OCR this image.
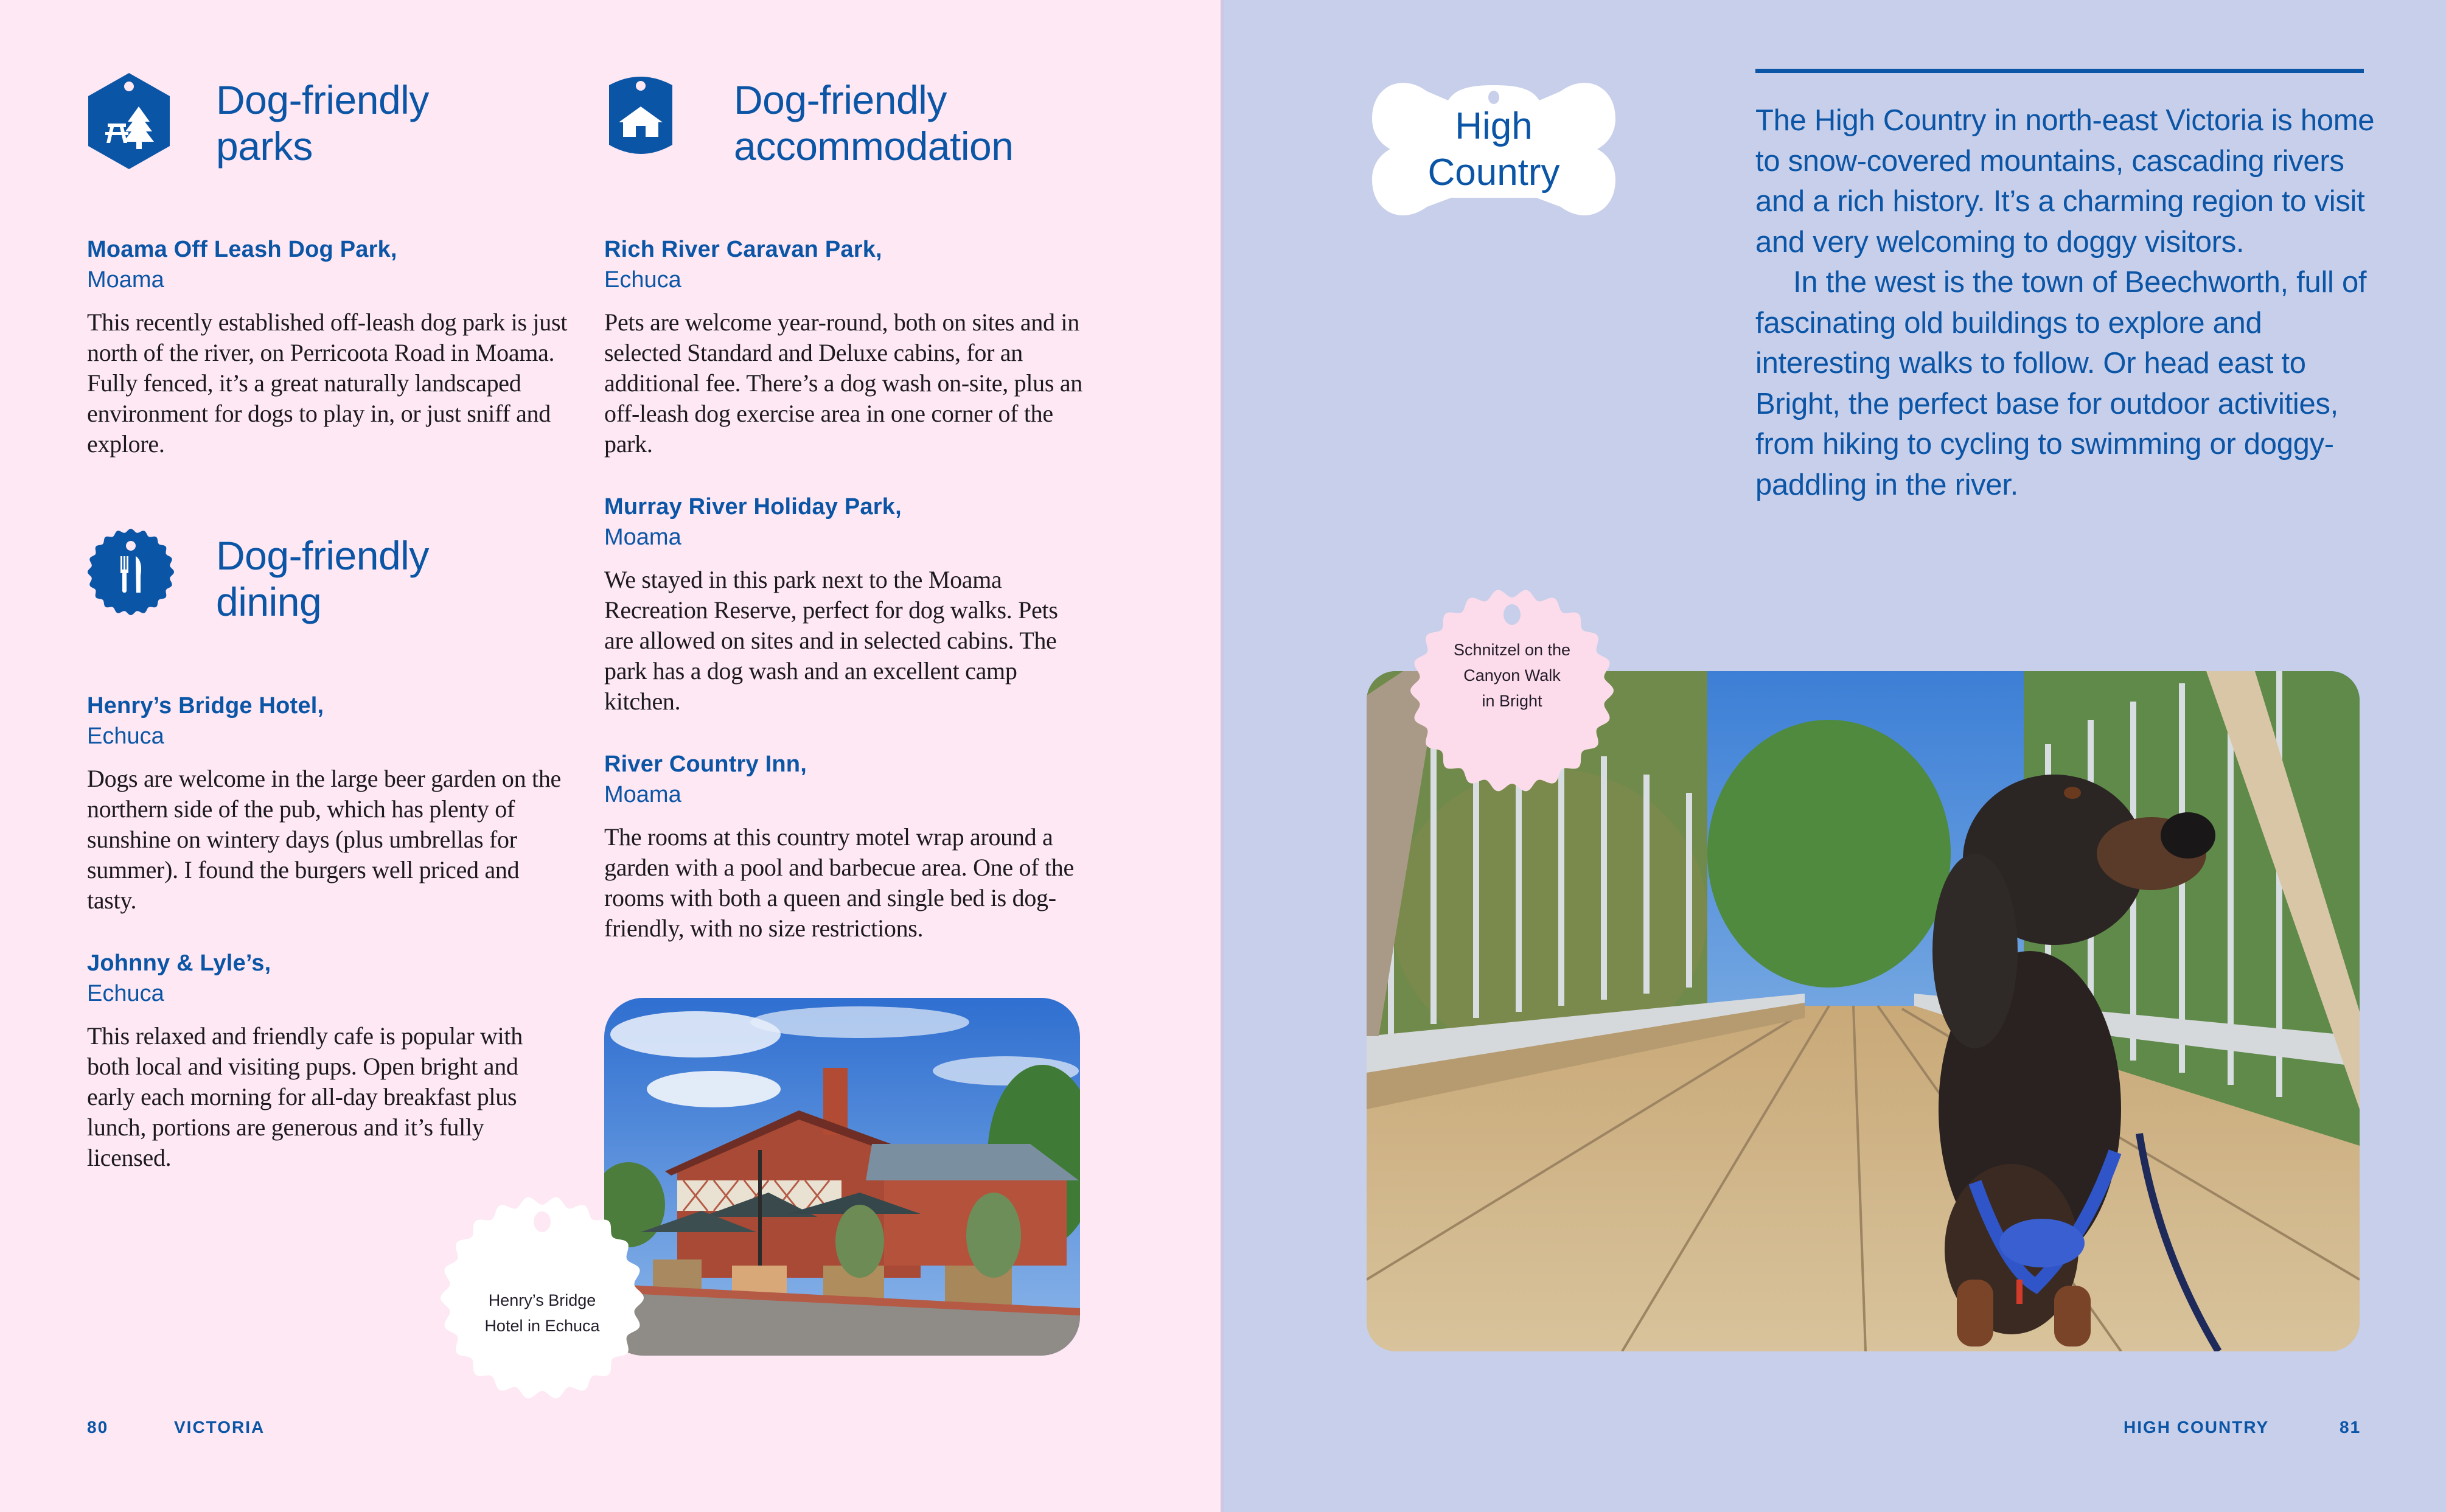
Dog-friendly
parks

Moama Off Leash Dog Park,

Moama

This recently established off-leash dog park is just north of the river, on Perricoota Road in Moama. Fully fenced, it’s a great naturally landscaped environment for dogs to play in, or just sniff and explore.

Dog-friendly
dining

Henry’s Bridge Hotel,

Echuca

Dogs are welcome in the large beer garden on the northern side of the pub, which has plenty of sunshine on wintery days (plus umbrellas for summer). I found the burgers well priced and tasty.

Johnny & Lyle’s,

Echuca

This relaxed and friendly cafe is popular with both local and visiting pups. Open bright and early each morning for all-day breakfast plus lunch, portions are generous and it’s fully licensed.

Dog-friendly
accommodation

Rich River Caravan Park,

Echuca

Pets are welcome year-round, both on sites and in selected Standard and Deluxe cabins, for an additional fee. There’s a dog wash on-site, plus an off-leash dog exercise area in one corner of the park.

Murray River Holiday Park,

Moama

We stayed in this park next to the Moama Recreation Reserve, perfect for dog walks. Pets are allowed on sites and in selected cabins. The park has a dog wash and an excellent camp kitchen.

River Country Inn,

Moama

The rooms at this country motel wrap around a garden with a pool and barbecue area. One of the rooms with both a queen and single bed is dog-friendly, with no size restrictions.

Henry’s Bridge
Hotel in Echuca
80	VICTORIA
High
Country

The High Country in north-east Victoria is home to snow-covered mountains, cascading rivers and a rich history. It’s a charming region to visit and very welcoming to doggy visitors.

In the west is the town of Beechworth, full of fascinating old buildings to explore and interesting walks to follow. Or head east to Bright, the perfect base for outdoor activities, from hiking to cycling to swimming or doggy-paddling in the river.

Schnitzel on the
Canyon Walk
in Bright
HIGH COUNTRY	81
